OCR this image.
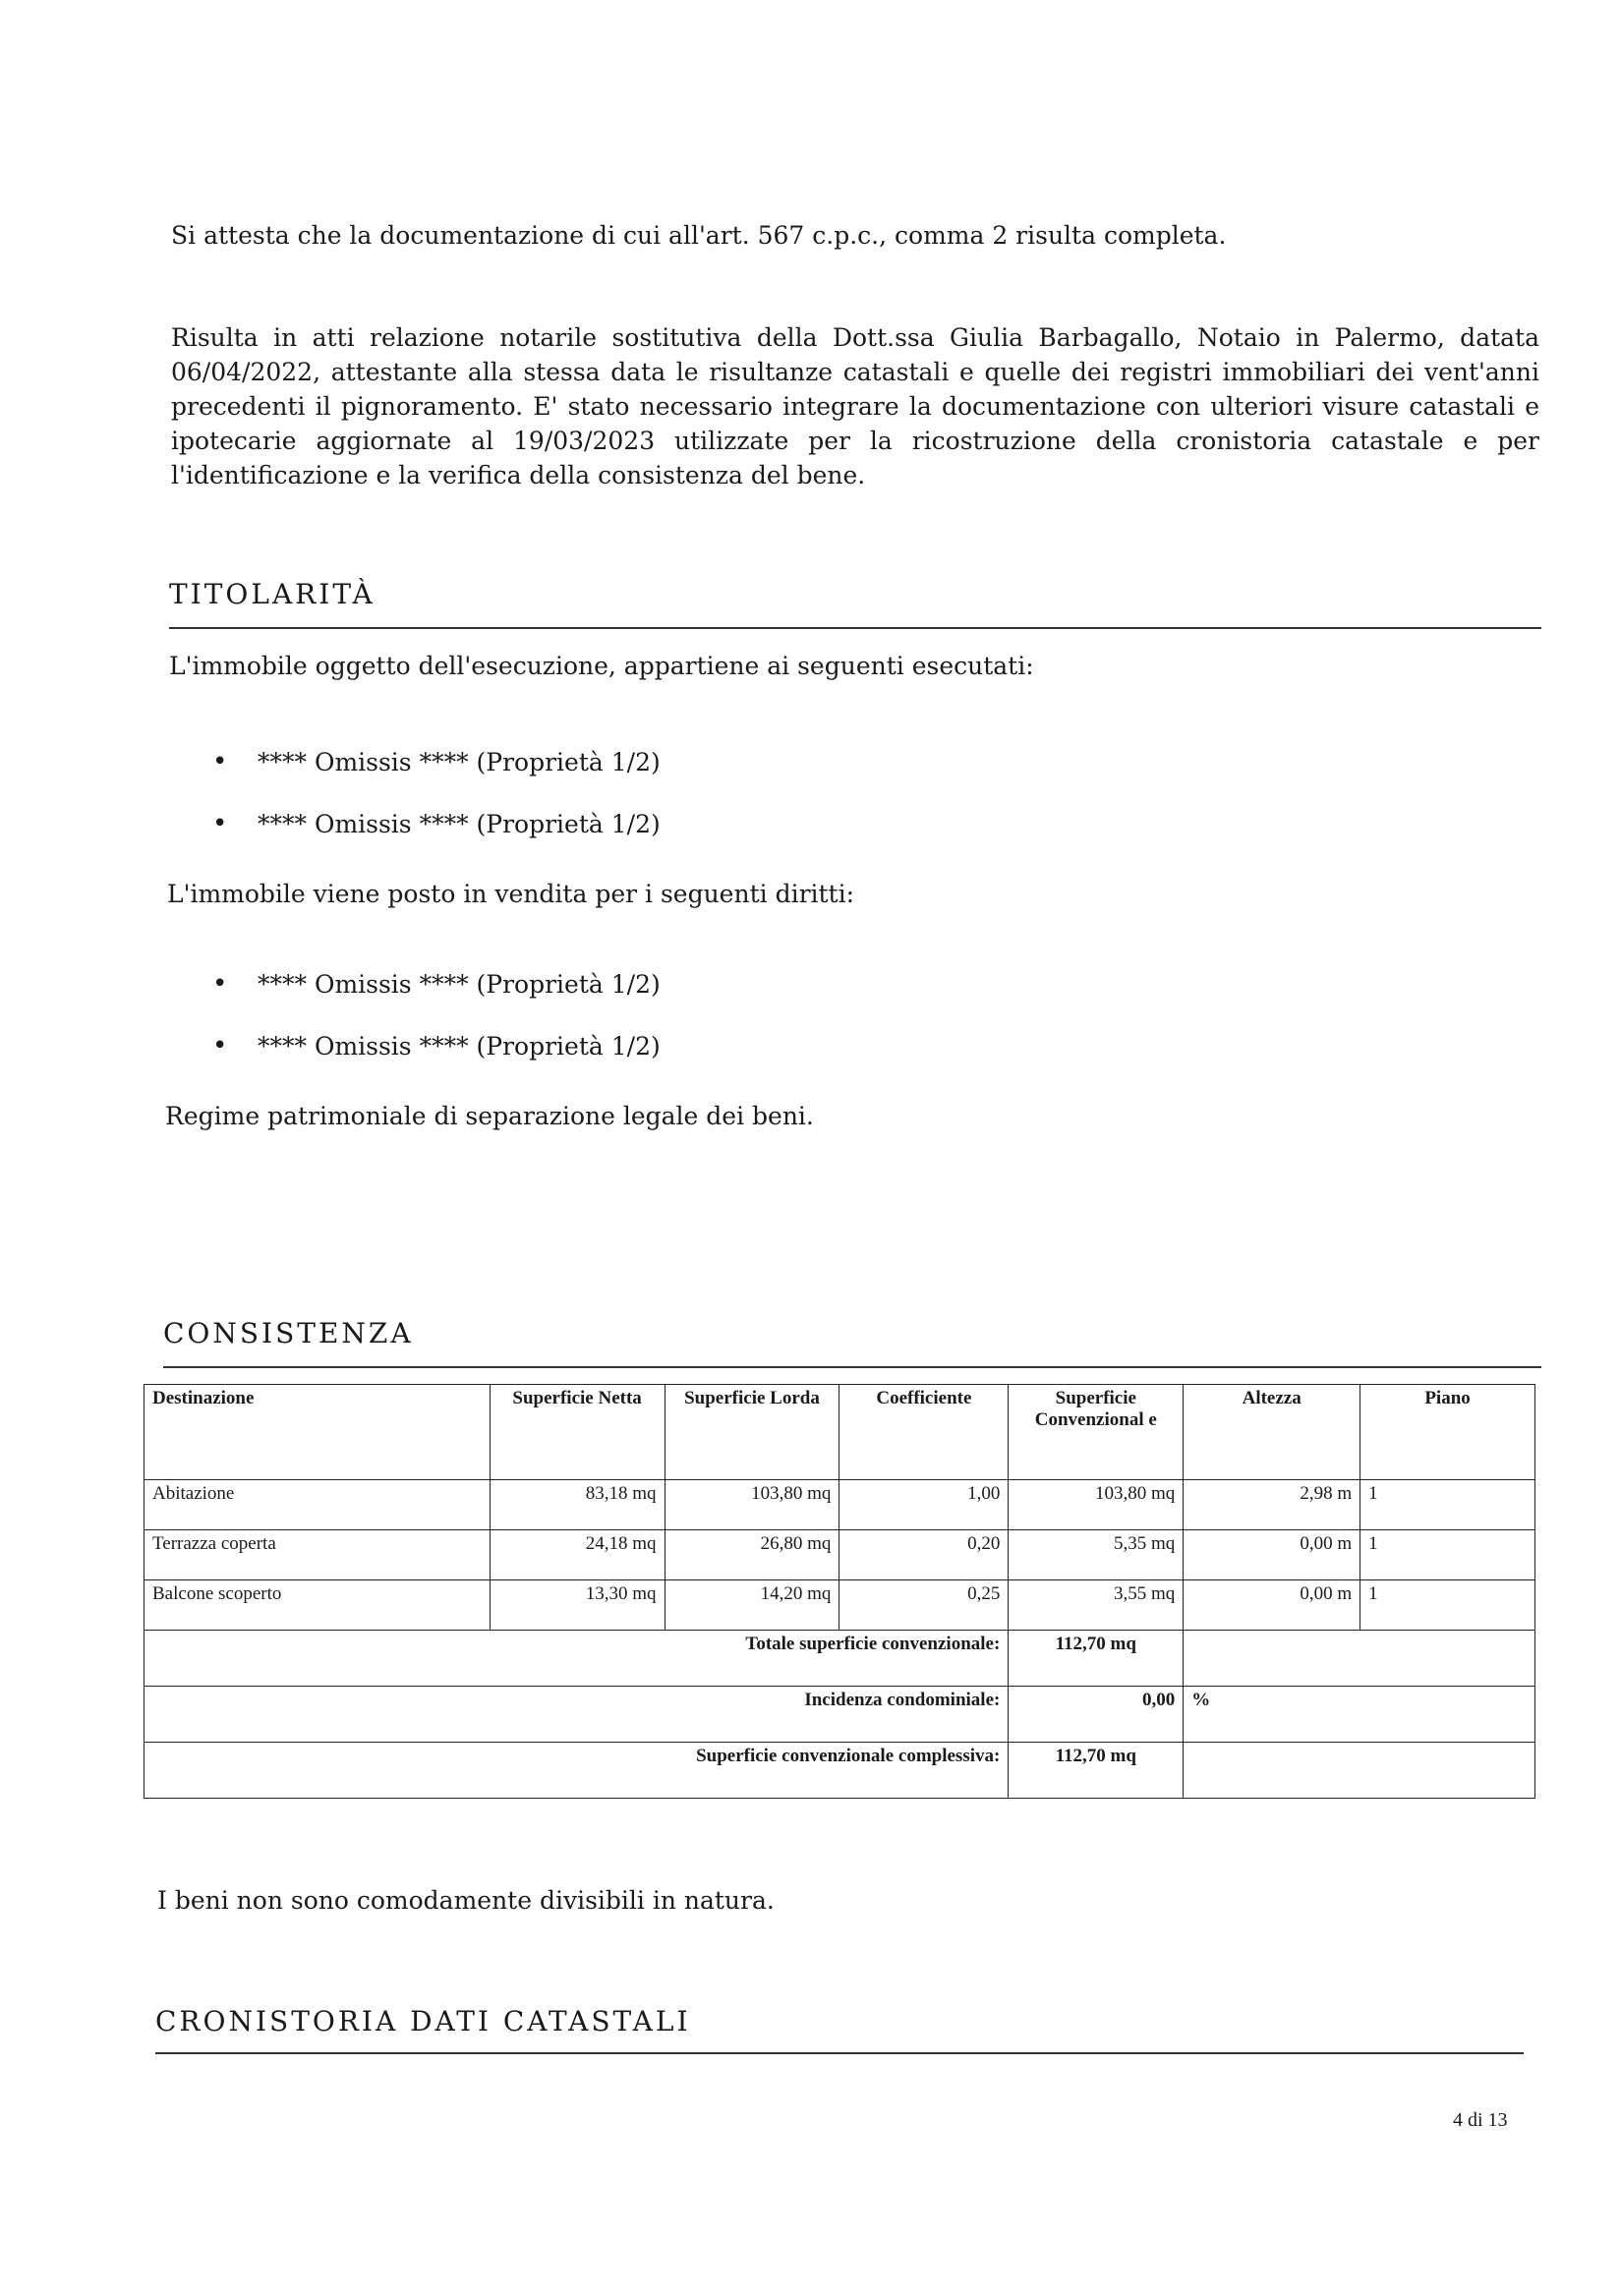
Si attesta che la documentazione di cui all'art. 567 c.p.c., comma 2 risulta completa.

Risulta in atti relazione notarile sostitutiva della Dott.ssa Giulia Barbagallo, Notaio in Palermo, datata 06/04/2022, attestante alla stessa data le risultanze catastali e quelle dei registri immobiliari dei vent'anni precedenti il pignoramento. E' stato necessario integrare la documentazione con ulteriori visure catastali e ipotecarie aggiornate al 19/03/2023 utilizzate per la ricostruzione della cronistoria catastale e per l'identificazione e la verifica della consistenza del bene.

TITOLARITÀ

L'immobile oggetto dell'esecuzione, appartiene ai seguenti esecutati:

• **** Omissis **** (Proprietà 1/2)
• **** Omissis **** (Proprietà 1/2)

L'immobile viene posto in vendita per i seguenti diritti:

• **** Omissis **** (Proprietà 1/2)
• **** Omissis **** (Proprietà 1/2)

Regime patrimoniale di separazione legale dei beni.

CONSISTENZA
Destinazione	Superficie Netta	Superficie Lorda	Coefficiente	Superficie Convenzional e	Altezza	Piano
Abitazione	83,18 mq	103,80 mq	1,00	103,80 mq	2,98 m	1
Terrazza coperta	24,18 mq	26,80 mq	0,20	5,35 mq	0,00 m	1
Balcone scoperto	13,30 mq	14,20 mq	0,25	3,55 mq	0,00 m	1
Totale superficie convenzionale:				112,70 mq		
Incidenza condominiale:				0,00	%	
Superficie convenzionale complessiva:				112,70 mq		

I beni non sono comodamente divisibili in natura.

CRONISTORIA DATI CATASTALI
4 di 13
